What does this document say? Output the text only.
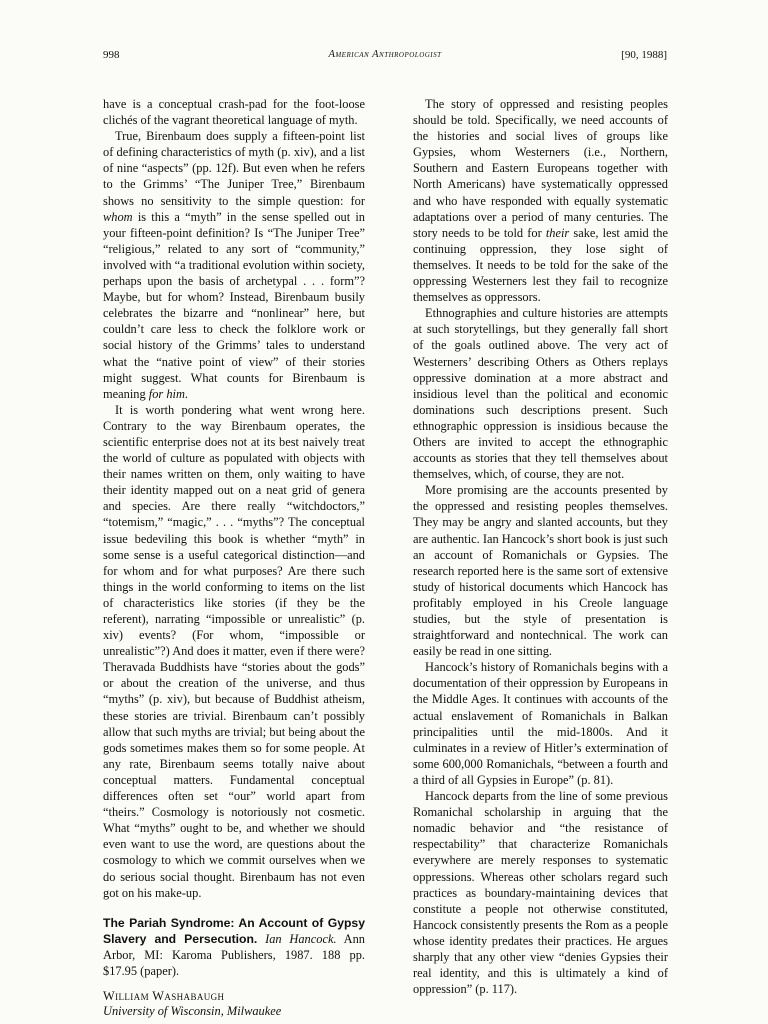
998	American Anthropologist	[90, 1988]

have is a conceptual crash-pad for the foot-loose clichés of the vagrant theoretical language of myth.

True, Birenbaum does supply a fifteen-point list of defining characteristics of myth (p. xiv), and a list of nine “aspects” (pp. 12f). But even when he refers to the Grimms’ “The Juniper Tree,” Birenbaum shows no sensitivity to the simple question: for whom is this a “myth” in the sense spelled out in your fifteen-point definition? Is “The Juniper Tree” “religious,” related to any sort of “community,” involved with “a traditional evolution within society, perhaps upon the basis of archetypal . . . form”? Maybe, but for whom? Instead, Birenbaum busily celebrates the bizarre and “nonlinear” here, but couldn’t care less to check the folklore work or social history of the Grimms’ tales to understand what the “native point of view” of their stories might suggest. What counts for Birenbaum is meaning for him.

It is worth pondering what went wrong here. Contrary to the way Birenbaum operates, the scientific enterprise does not at its best naively treat the world of culture as populated with objects with their names written on them, only waiting to have their identity mapped out on a neat grid of genera and species. Are there really “witchdoctors,” “totemism,” “magic,” . . . “myths”? The conceptual issue bedeviling this book is whether “myth” in some sense is a useful categorical distinction—and for whom and for what purposes? Are there such things in the world conforming to items on the list of characteristics like stories (if they be the referent), narrating “impossible or unrealistic” (p. xiv) events? (For whom, “impossible or unrealistic”?) And does it matter, even if there were? Theravada Buddhists have “stories about the gods” or about the creation of the universe, and thus “myths” (p. xiv), but because of Buddhist atheism, these stories are trivial. Birenbaum can’t possibly allow that such myths are trivial; but being about the gods sometimes makes them so for some people. At any rate, Birenbaum seems totally naive about conceptual matters. Fundamental conceptual differences often set “our” world apart from “theirs.” Cosmology is notoriously not cosmetic. What “myths” ought to be, and whether we should even want to use the word, are questions about the cosmology to which we commit ourselves when we do serious social thought. Birenbaum has not even got on his make-up.

The Pariah Syndrome: An Account of Gypsy Slavery and Persecution. Ian Hancock. Ann Arbor, MI: Karoma Publishers, 1987. 188 pp. $17.95 (paper).

William Washabaugh
University of Wisconsin, Milwaukee

The story of oppressed and resisting peoples should be told. Specifically, we need accounts of the histories and social lives of groups like Gypsies, whom Westerners (i.e., Northern, Southern and Eastern Europeans together with North Americans) have systematically oppressed and who have responded with equally systematic adaptations over a period of many centuries. The story needs to be told for their sake, lest amid the continuing oppression, they lose sight of themselves. It needs to be told for the sake of the oppressing Westerners lest they fail to recognize themselves as oppressors.

Ethnographies and culture histories are attempts at such storytellings, but they generally fall short of the goals outlined above. The very act of Westerners’ describing Others as Others replays oppressive domination at a more abstract and insidious level than the political and economic dominations such descriptions present. Such ethnographic oppression is insidious because the Others are invited to accept the ethnographic accounts as stories that they tell themselves about themselves, which, of course, they are not.

More promising are the accounts presented by the oppressed and resisting peoples themselves. They may be angry and slanted accounts, but they are authentic. Ian Hancock’s short book is just such an account of Romanichals or Gypsies. The research reported here is the same sort of extensive study of historical documents which Hancock has profitably employed in his Creole language studies, but the style of presentation is straightforward and nontechnical. The work can easily be read in one sitting.

Hancock’s history of Romanichals begins with a documentation of their oppression by Europeans in the Middle Ages. It continues with accounts of the actual enslavement of Romanichals in Balkan principalities until the mid-1800s. And it culminates in a review of Hitler’s extermination of some 600,000 Romanichals, “between a fourth and a third of all Gypsies in Europe” (p. 81).

Hancock departs from the line of some previous Romanichal scholarship in arguing that the nomadic behavior and “the resistance of respectability” that characterize Romanichals everywhere are merely responses to systematic oppressions. Whereas other scholars regard such practices as boundary-maintaining devices that constitute a people not otherwise constituted, Hancock consistently presents the Rom as a people whose identity predates their practices. He argues sharply that any other view “denies Gypsies their real identity, and this is ultimately a kind of oppression” (p. 117).
